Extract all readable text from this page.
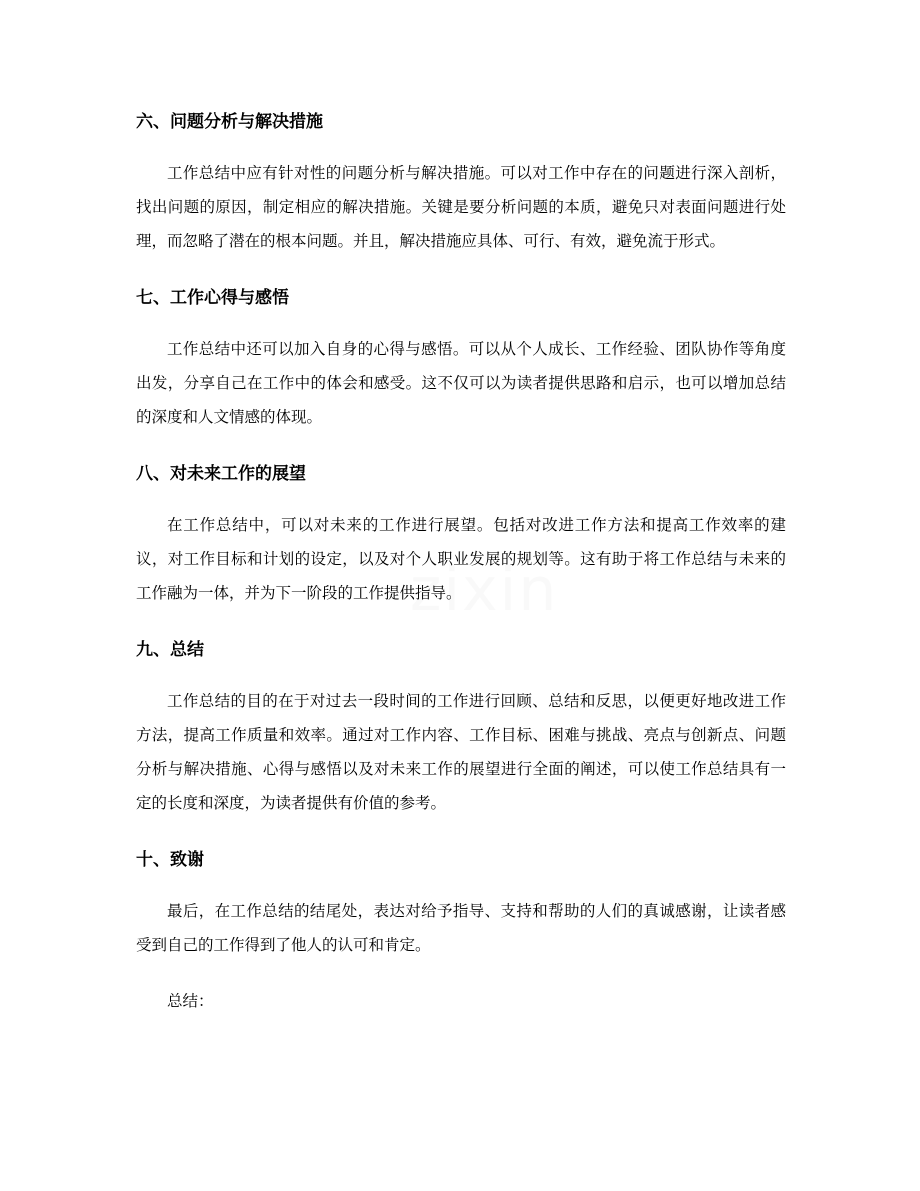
zixin
六、问题分析与解决措施

工作总结中应有针对性的问题分析与解决措施。可以对工作中存在的问题进行深入剖析，找出问题的原因，制定相应的解决措施。关键是要分析问题的本质，避免只对表面问题进行处理，而忽略了潜在的根本问题。并且，解决措施应具体、可行、有效，避免流于形式。

七、工作心得与感悟

工作总结中还可以加入自身的心得与感悟。可以从个人成长、工作经验、团队协作等角度出发，分享自己在工作中的体会和感受。这不仅可以为读者提供思路和启示，也可以增加总结的深度和人文情感的体现。

八、对未来工作的展望

在工作总结中，可以对未来的工作进行展望。包括对改进工作方法和提高工作效率的建议，对工作目标和计划的设定，以及对个人职业发展的规划等。这有助于将工作总结与未来的工作融为一体，并为下一阶段的工作提供指导。

九、总结

工作总结的目的在于对过去一段时间的工作进行回顾、总结和反思，以便更好地改进工作方法，提高工作质量和效率。通过对工作内容、工作目标、困难与挑战、亮点与创新点、问题分析与解决措施、心得与感悟以及对未来工作的展望进行全面的阐述，可以使工作总结具有一定的长度和深度，为读者提供有价值的参考。

十、致谢

最后，在工作总结的结尾处，表达对给予指导、支持和帮助的人们的真诚感谢，让读者感受到自己的工作得到了他人的认可和肯定。

总结：
